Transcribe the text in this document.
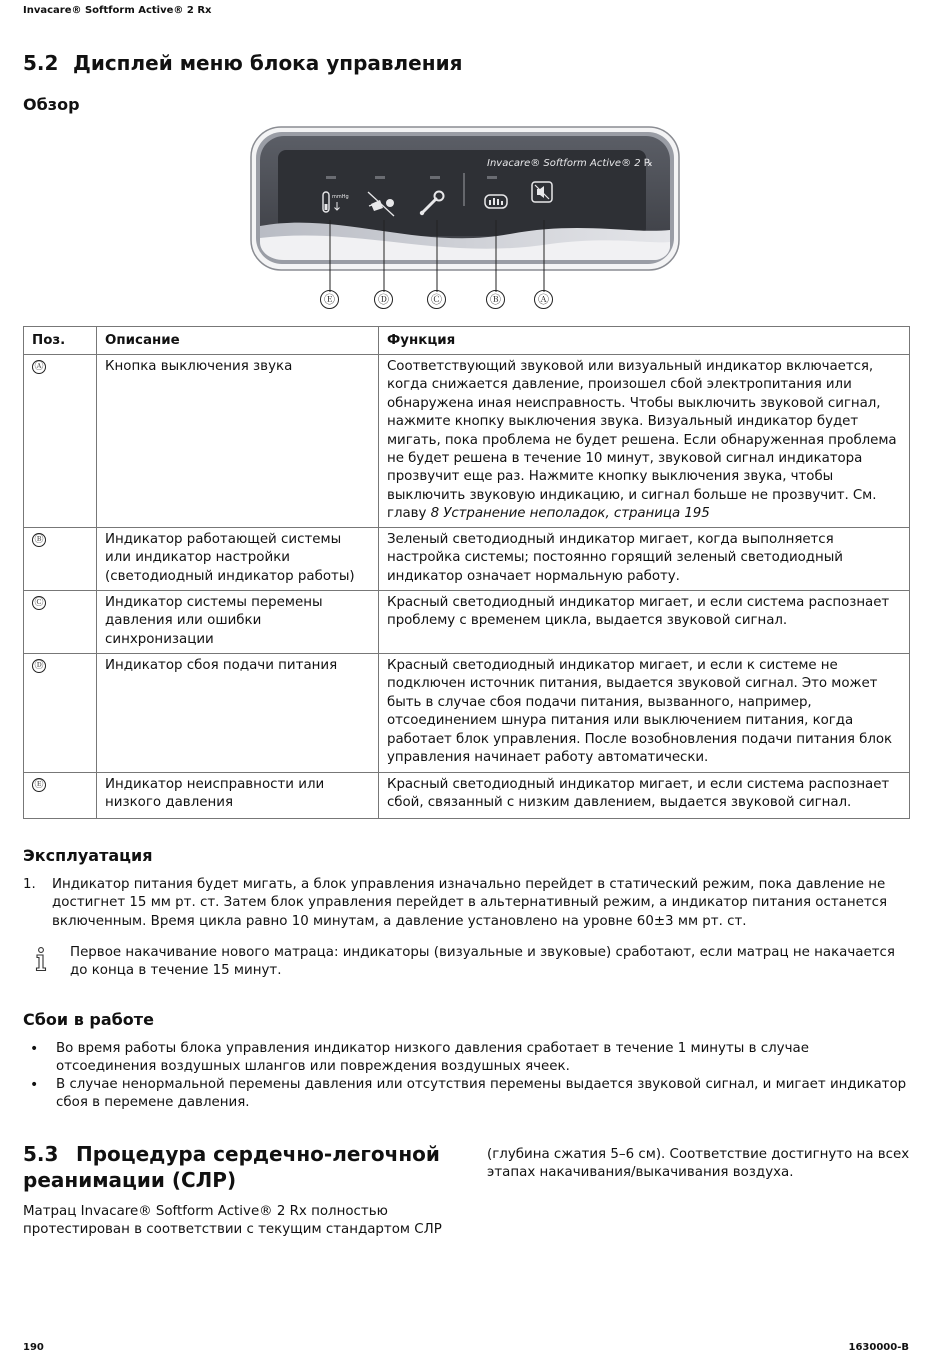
Invacare® Softform Active® 2 Rx
5.2 Дисплей меню блока управления
Обзор
Invacare® Softform Active® 2 ℞
mmHg
Ⓔ	Ⓓ	Ⓒ	Ⓑ	Ⓐ
Поз.	Описание	Функция
Ⓐ	Кнопка выключения звука	Соответствующий звуковой или визуальный индикатор включается, когда снижается давление, произошел сбой электропитания или обнаружена иная неисправность. Чтобы выключить звуковой сигнал, нажмите кнопку выключения звука. Визуальный индикатор будет мигать, пока проблема не будет решена. Если обнаруженная проблема не будет решена в течение 10 минут, звуковой сигнал индикатора прозвучит еще раз. Нажмите кнопку выключения звука, чтобы выключить звуковую индикацию, и сигнал больше не прозвучит. См. главу 8 Устранение неполадок, страница 195
Ⓑ	Индикатор работающей системы или индикатор настройки (светодиодный индикатор работы)	Зеленый светодиодный индикатор мигает, когда выполняется настройка системы; постоянно горящий зеленый светодиодный индикатор означает нормальную работу.
Ⓒ	Индикатор системы перемены давления или ошибки синхронизации	Красный светодиодный индикатор мигает, и если система распознает проблему с временем цикла, выдается звуковой сигнал.
Ⓓ	Индикатор сбоя подачи питания	Красный светодиодный индикатор мигает, и если к системе не подключен источник питания, выдается звуковой сигнал. Это может быть в случае сбоя подачи питания, вызванного, например, отсоединением шнура питания или выключением питания, когда работает блок управления. После возобновления подачи питания блок управления начинает работу автоматически.
Ⓔ	Индикатор неисправности или низкого давления	Красный светодиодный индикатор мигает, и если система распознает сбой, связанный с низким давлением, выдается звуковой сигнал.
Эксплуатация
1. Индикатор питания будет мигать, а блок управления изначально перейдет в статический режим, пока давление не достигнет 15 мм рт. ст. Затем блок управления перейдет в альтернативный режим, а индикатор питания останется включенным. Время цикла равно 10 минутам, а давление установлено на уровне 60±3 мм рт. ст.
Первое накачивание нового матраца: индикаторы (визуальные и звуковые) сработают, если матрац не накачается до конца в течение 15 минут.
Сбои в работе
• Во время работы блока управления индикатор низкого давления сработает в течение 1 минуты в случае отсоединения воздушных шлангов или повреждения воздушных ячеек.
• В случае ненормальной перемены давления или отсутствия перемены выдается звуковой сигнал, и мигает индикатор сбоя в перемене давления.
5.3 Процедура сердечно-легочной реанимации (СЛР)
Матрац Invacare® Softform Active® 2 Rx полностью протестирован в соответствии с текущим стандартом СЛР
(глубина сжатия 5–6 см). Соответствие достигнуто на всех этапах накачивания/выкачивания воздуха.
190	1630000-B
